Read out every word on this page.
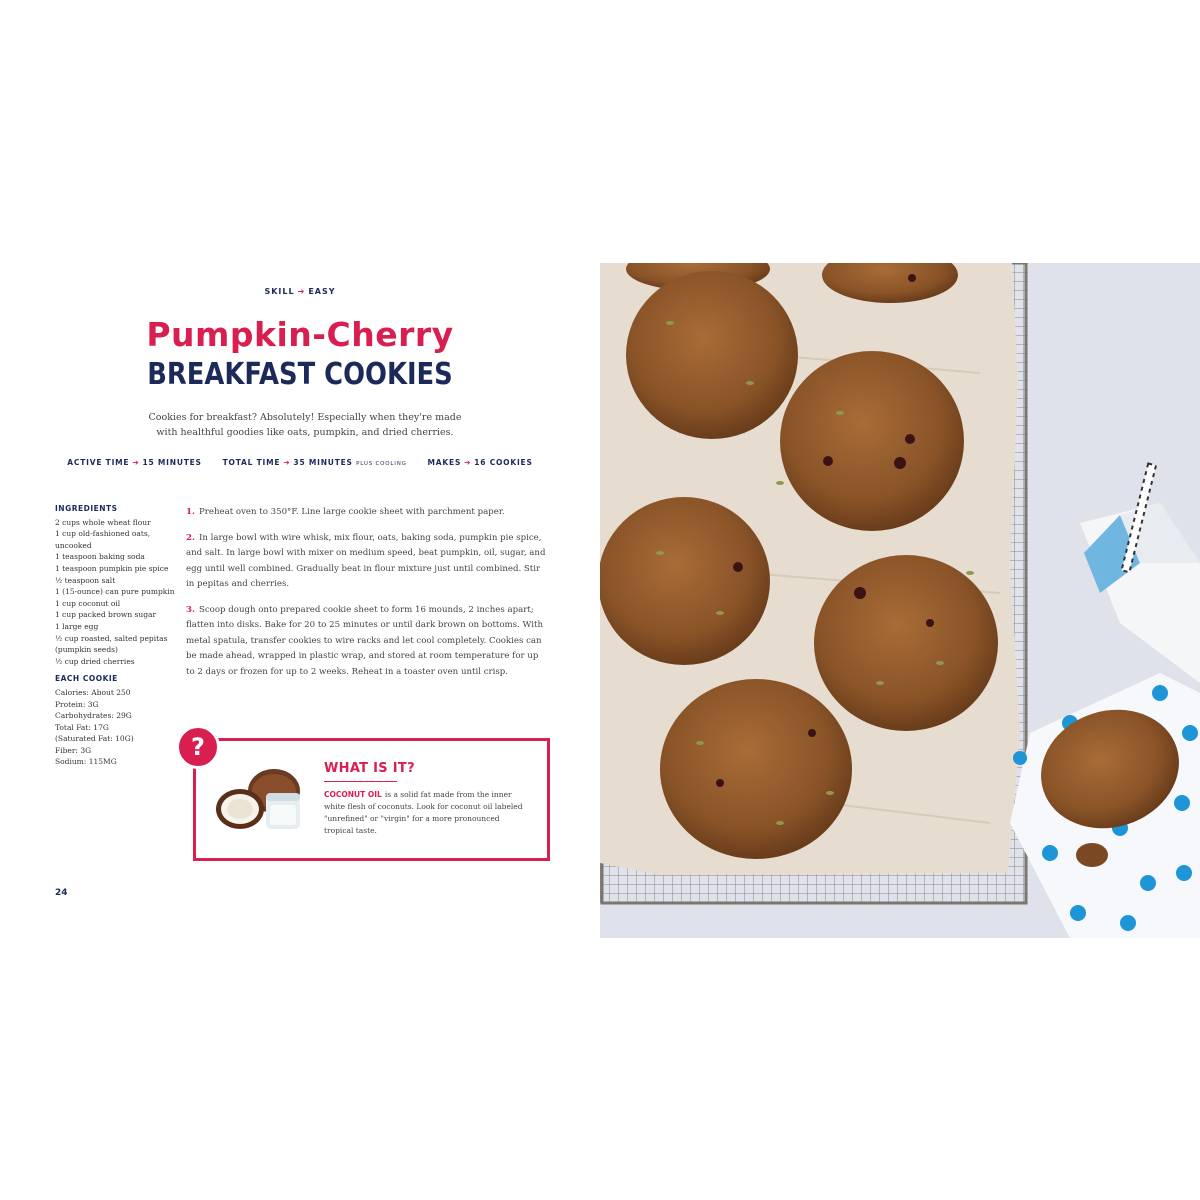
SKILL ➔ EASY
Pumpkin-Cherry
BREAKFAST COOKIES
Cookies for breakfast? Absolutely! Especially when they're made with healthful goodies like oats, pumpkin, and dried cherries.
ACTIVE TIME ➔ 15 MINUTES	TOTAL TIME ➔ 35 MINUTES PLUS COOLING	MAKES ➔ 16 COOKIES
INGREDIENTS
2 cups whole wheat flour
1 cup old-fashioned oats, uncooked
1 teaspoon baking soda
1 teaspoon pumpkin pie spice
½ teaspoon salt
1 (15-ounce) can pure pumpkin
1 cup coconut oil
1 cup packed brown sugar
1 large egg
½ cup roasted, salted pepitas (pumpkin seeds)
½ cup dried cherries
EACH COOKIE
Calories: About 250
Protein: 3G
Carbohydrates: 29G
Total Fat: 17G
(Saturated Fat: 10G)
Fiber: 3G
Sodium: 115MG

1. Preheat oven to 350°F. Line large cookie sheet with parchment paper.

2. In large bowl with wire whisk, mix flour, oats, baking soda, pumpkin pie spice, and salt. In large bowl with mixer on medium speed, beat pumpkin, oil, sugar, and egg until well combined. Gradually beat in flour mixture just until combined. Stir in pepitas and cherries.

3. Scoop dough onto prepared cookie sheet to form 16 mounds, 2 inches apart; flatten into disks. Bake for 20 to 25 minutes or until dark brown on bottoms. With metal spatula, transfer cookies to wire racks and let cool completely. Cookies can be made ahead, wrapped in plastic wrap, and stored at room temperature for up to 2 days or frozen for up to 2 weeks. Reheat in a toaster oven until crisp.

WHAT IS IT?
COCONUT OIL is a solid fat made from the inner white flesh of coconuts. Look for coconut oil labeled "unrefined" or "virgin" for a more pronounced tropical taste.
?
24
